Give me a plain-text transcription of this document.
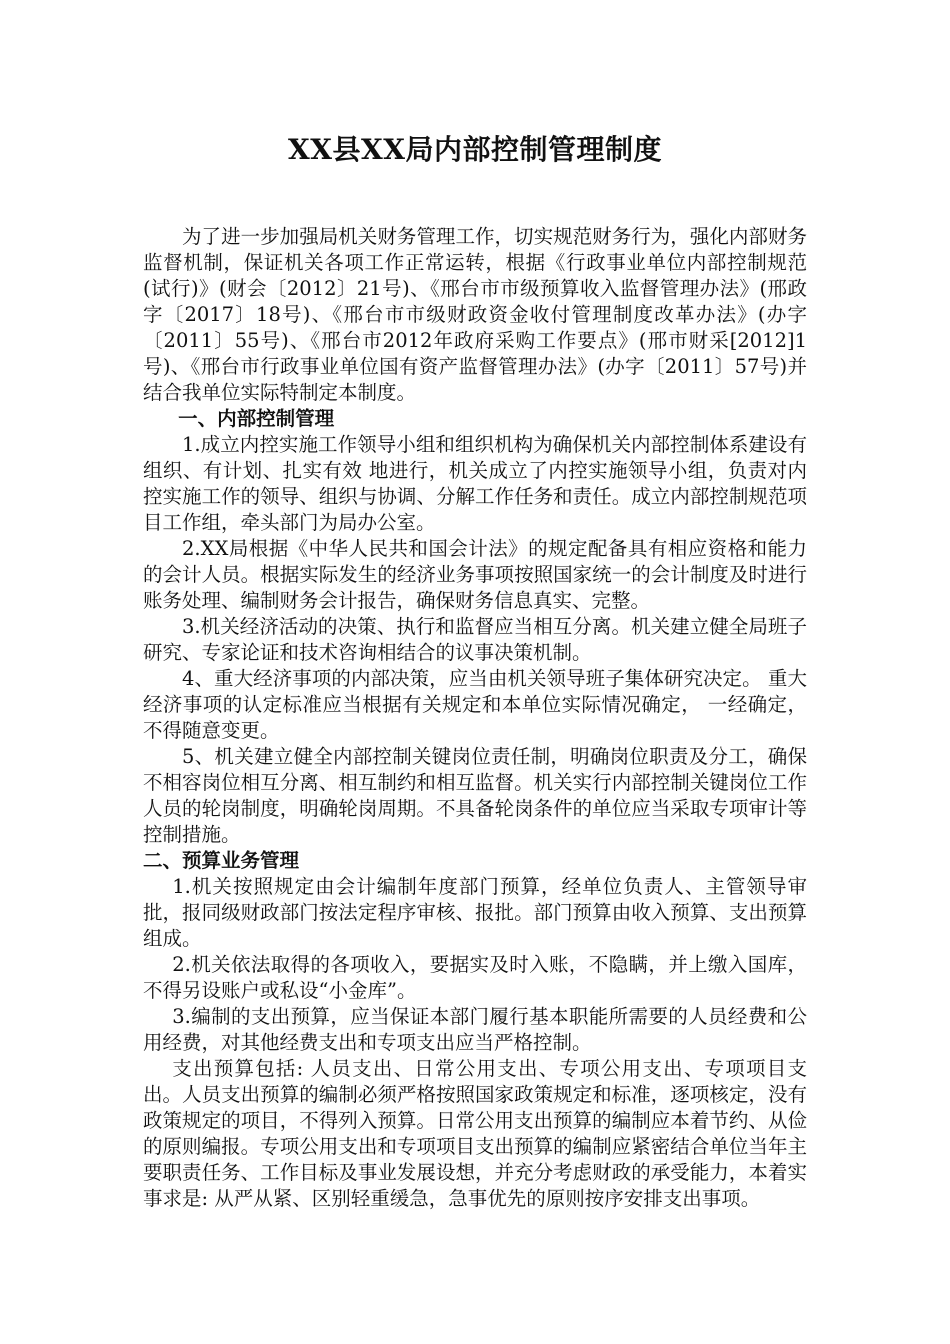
XX县XX局内部控制管理制度

为了进一步加强局机关财务管理工作，切实规范财务行为，强化内部财务监督机制，保证机关各项工作正常运转，根据《行政事业单位内部控制规范(试行)》(财会〔2012〕21号)、《邢台市市级预算收入监督管理办法》(邢政字〔2017〕18号)、《邢台市市级财政资金收付管理制度改革办法》(办字〔2011〕55号)、《邢台市2012年政府采购工作要点》(邢市财采[2012]1号)、《邢台市行政事业单位国有资产监督管理办法》(办字〔2011〕57号)并结合我单位实际特制定本制度。

一、内部控制管理

1.成立内控实施工作领导小组和组织机构为确保机关内部控制体系建设有组织、有计划、扎实有效 地进行，机关成立了内控实施领导小组，负责对内控实施工作的领导、组织与协调、分解工作任务和责任。成立内部控制规范项目工作组，牵头部门为局办公室。

2.XX局根据《中华人民共和国会计法》的规定配备具有相应资格和能力的会计人员。根据实际发生的经济业务事项按照国家统一的会计制度及时进行账务处理、编制财务会计报告，确保财务信息真实、完整。

3.机关经济活动的决策、执行和监督应当相互分离。机关建立健全局班子研究、专家论证和技术咨询相结合的议事决策机制。

4、重大经济事项的内部决策，应当由机关领导班子集体研究决定。 重大经济事项的认定标准应当根据有关规定和本单位实际情况确定， 一经确定，不得随意变更。

5、机关建立健全内部控制关键岗位责任制，明确岗位职责及分工，确保不相容岗位相互分离、相互制约和相互监督。机关实行内部控制关键岗位工作人员的轮岗制度，明确轮岗周期。不具备轮岗条件的单位应当采取专项审计等控制措施。

二、预算业务管理

1.机关按照规定由会计编制年度部门预算，经单位负责人、主管领导审批，报同级财政部门按法定程序审核、报批。部门预算由收入预算、支出预算组成。

2.机关依法取得的各项收入，要据实及时入账，不隐瞒，并上缴入国库，不得另设账户或私设“小金库”。

3.编制的支出预算，应当保证本部门履行基本职能所需要的人员经费和公用经费，对其他经费支出和专项支出应当严格控制。

支出预算包括: 人员支出、日常公用支出、专项公用支出、专项项目支出。人员支出预算的编制必须严格按照国家政策规定和标准，逐项核定，没有政策规定的项目，不得列入预算。日常公用支出预算的编制应本着节约、从俭的原则编报。专项公用支出和专项项目支出预算的编制应紧密结合单位当年主要职责任务、工作目标及事业发展设想，并充分考虑财政的承受能力，本着实事求是: 从严从紧、区别轻重缓急，急事优先的原则按序安排支出事项。
